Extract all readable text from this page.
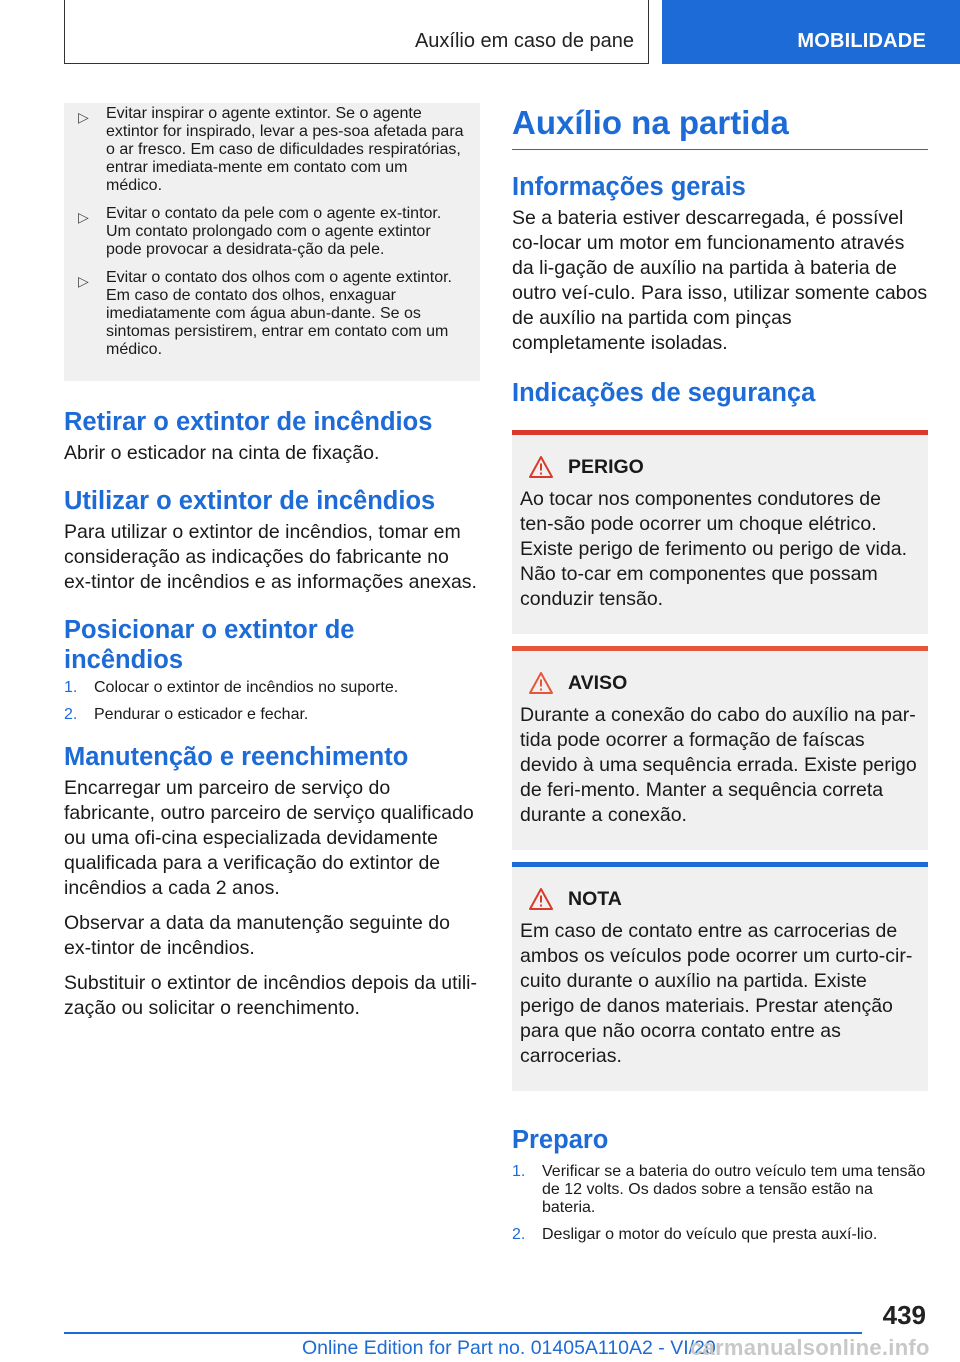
Auxílio em caso de pane	MOBILIDADE
▷	Evitar inspirar o agente extintor. Se o agente extintor for inspirado, levar a pes-soa afetada para o ar fresco. Em caso de dificuldades respiratórias, entrar imediata-mente em contato com um médico.
▷	Evitar o contato da pele com o agente ex-tintor. Um contato prolongado com o agente extintor pode provocar a desidrata-ção da pele.
▷	Evitar o contato dos olhos com o agente extintor. Em caso de contato dos olhos, enxaguar imediatamente com água abun-dante. Se os sintomas persistirem, entrar em contato com um médico.
Retirar o extintor de incêndios

Abrir o esticador na cinta de fixação.

Utilizar o extintor de incêndios

Para utilizar o extintor de incêndios, tomar em consideração as indicações do fabricante no ex-tintor de incêndios e as informações anexas.

Posicionar o extintor de incêndios
1.	Colocar o extintor de incêndios no suporte.
2.	Pendurar o esticador e fechar.
Manutenção e reenchimento

Encarregar um parceiro de serviço do fabricante, outro parceiro de serviço qualificado ou uma ofi-cina especializada devidamente qualificada para a verificação do extintor de incêndios a cada 2 anos.

Observar a data da manutenção seguinte do ex-tintor de incêndios.

Substituir o extintor de incêndios depois da utili-zação ou solicitar o reenchimento.

Auxílio na partida
Informações gerais

Se a bateria estiver descarregada, é possível co-locar um motor em funcionamento através da li-gação de auxílio na partida à bateria de outro veí-culo. Para isso, utilizar somente cabos de auxílio na partida com pinças completamente isoladas.

Indicações de segurança
PERIGO

Ao tocar nos componentes condutores de ten-são pode ocorrer um choque elétrico. Existe perigo de ferimento ou perigo de vida. Não to-car em componentes que possam conduzir tensão.

AVISO

Durante a conexão do cabo do auxílio na par-tida pode ocorrer a formação de faíscas devido à uma sequência errada. Existe perigo de feri-mento. Manter a sequência correta durante a conexão.

NOTA

Em caso de contato entre as carrocerias de ambos os veículos pode ocorrer um curto-cir-cuito durante o auxílio na partida. Existe perigo de danos materiais. Prestar atenção para que não ocorra contato entre as carrocerias.

Preparo
1.	Verificar se a bateria do outro veículo tem uma tensão de 12 volts. Os dados sobre a tensão estão na bateria.
2.	Desligar o motor do veículo que presta auxí-lio.
439
Online Edition for Part no. 01405A110A2 - VI/20
carmanualsonline.info
